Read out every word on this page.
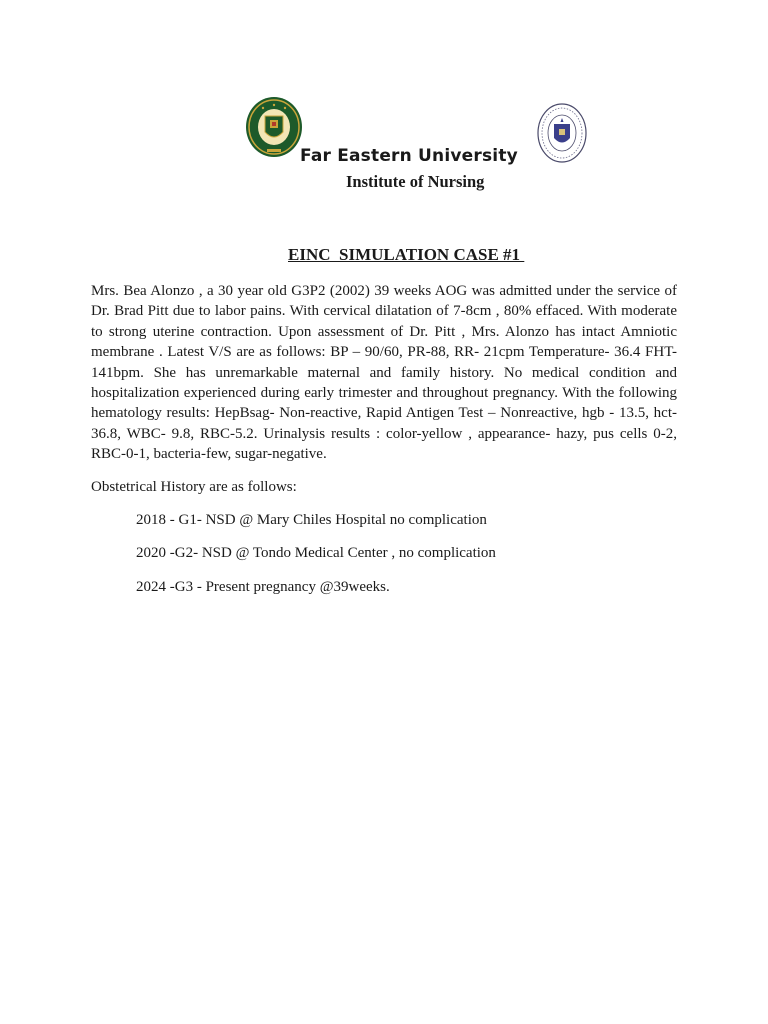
Far Eastern University
Institute of Nursing
EINC  SIMULATION CASE #1
Mrs. Bea Alonzo , a 30 year old G3P2 (2002) 39 weeks AOG was admitted under the service of Dr. Brad Pitt due to labor pains. With cervical dilatation of 7-8cm , 80% effaced. With moderate to strong uterine contraction. Upon assessment of Dr. Pitt , Mrs. Alonzo has intact Amniotic membrane . Latest V/S are as follows: BP – 90/60, PR-88, RR- 21cpm Temperature- 36.4 FHT- 141bpm. She has unremarkable maternal and family history. No medical condition and hospitalization experienced during early trimester and throughout pregnancy. With the following hematology results: HepBsag- Non-reactive, Rapid Antigen Test – Nonreactive, hgb - 13.5, hct- 36.8, WBC- 9.8, RBC-5.2. Urinalysis results : color-yellow , appearance- hazy, pus cells 0-2, RBC-0-1, bacteria-few, sugar-negative.
Obstetrical History are as follows:
2018 - G1- NSD @ Mary Chiles Hospital no complication
2020 -G2- NSD @ Tondo Medical Center , no complication
2024 -G3 - Present pregnancy @39weeks.
